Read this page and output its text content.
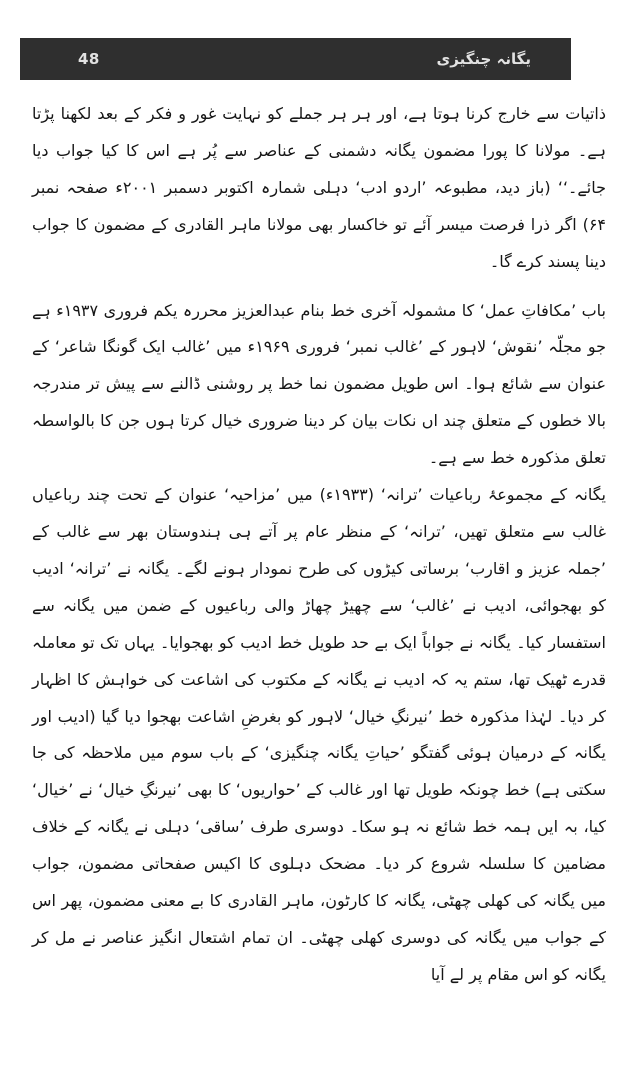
48	یگانہ چنگیزی

ذاتیات سے خارج کرنا ہوتا ہے، اور ہر ہر جملے کو نہایت غور و فکر کے بعد لکھنا پڑتا ہے۔ مولانا کا پورا مضمون یگانہ دشمنی کے عناصر سے پُر ہے اس کا کیا جواب دیا جائے۔‘‘ (باز دید، مطبوعہ ’اردو ادب‘ دہلی شمارہ اکتوبر دسمبر ۲۰۰۱ء صفحہ نمبر ۶۴) اگر ذرا فرصت میسر آئے تو خاکسار بھی مولانا ماہر القادری کے مضمون کا جواب دینا پسند کرے گا۔

باب ’مکافاتِ عمل‘ کا مشمولہ آخری خط بنام عبدالعزیز محررہ یکم فروری ۱۹۳۷ء ہے جو مجلّہ ’نقوش‘ لاہور کے ’غالب نمبر‘ فروری ۱۹۶۹ء میں ’غالب ایک گونگا شاعر‘ کے عنوان سے شائع ہوا۔ اس طویل مضمون نما خط پر روشنی ڈالنے سے پیش تر مندرجہ بالا خطوں کے متعلق چند اں نکات بیان کر دینا ضروری خیال کرتا ہوں جن کا بالواسطہ تعلق مذکورہ خط سے ہے۔

یگانہ کے مجموعۂ رباعیات ’ترانہ‘ (۱۹۳۳ء) میں ’مزاحیہ‘ عنوان کے تحت چند رباعیاں غالب سے متعلق تھیں، ’ترانہ‘ کے منظر عام پر آتے ہی ہندوستان بھر سے غالب کے ’جملہ عزیز و اقارب‘ برساتی کیڑوں کی طرح نمودار ہونے لگے۔ یگانہ نے ’ترانہ‘ ادیب کو بھجوائی، ادیب نے ’غالب‘ سے چھیڑ چھاڑ والی رباعیوں کے ضمن میں یگانہ سے استفسار کیا۔ یگانہ نے جواباً ایک بے حد طویل خط ادیب کو بھجوایا۔ یہاں تک تو معاملہ قدرے ٹھیک تھا، ستم یہ کہ ادیب نے یگانہ کے مکتوب کی اشاعت کی خواہش کا اظہار کر دیا۔ لہٰذا مذکورہ خط ’نیرنگِ خیال‘ لاہور کو بغرضِ اشاعت بھجوا دیا گیا (ادیب اور یگانہ کے درمیان ہوئی گفتگو ’حیاتِ یگانہ چنگیزی‘ کے باب سوم میں ملاحظہ کی جا سکتی ہے) خط چونکہ طویل تھا اور غالب کے ’حواریوں‘ کا بھی ’نیرنگِ خیال‘ نے ’خیال‘ کیا، بہ ایں ہمہ خط شائع نہ ہو سکا۔ دوسری طرف ’ساقی‘ دہلی نے یگانہ کے خلاف مضامین کا سلسلہ شروع کر دیا۔ مضحک دہلوی کا اکیس صفحاتی مضمون، جواب میں یگانہ کی کھلی چھٹی، یگانہ کا کارٹون، ماہر القادری کا بے معنی مضمون، پھر اس کے جواب میں یگانہ کی دوسری کھلی چھٹی۔ ان تمام اشتعال انگیز عناصر نے مل کر یگانہ کو اس مقام پر لے آیا
